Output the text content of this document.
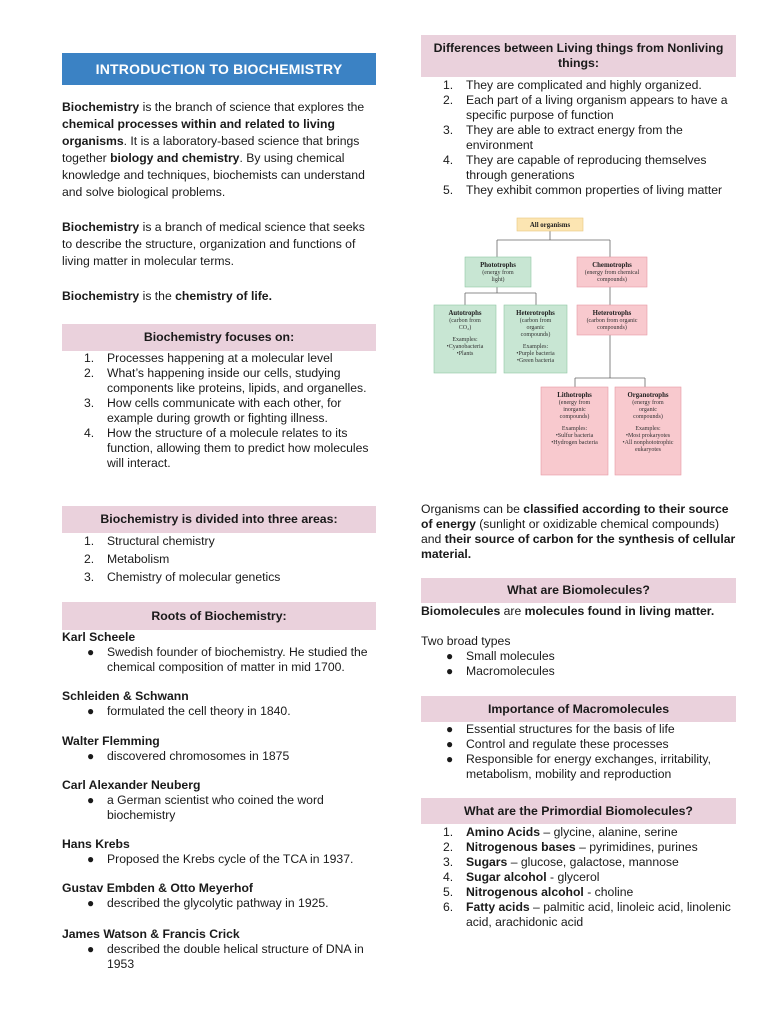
INTRODUCTION TO BIOCHEMISTRY

Biochemistry is the branch of science that explores the chemical processes within and related to living organisms. It is a laboratory-based science that brings together biology and chemistry. By using chemical knowledge and techniques, biochemists can understand and solve biological problems.

Biochemistry is a branch of medical science that seeks to describe the structure, organization and functions of living matter in molecular terms.

Biochemistry is the chemistry of life.

Biochemistry focuses on:
1. Processes happening at a molecular level
2. What’s happening inside our cells, studying components like proteins, lipids, and organelles.
3. How cells communicate with each other, for example during growth or fighting illness.
4. How the structure of a molecule relates to its function, allowing them to predict how molecules will interact.
Biochemistry is divided into three areas:
1. Structural chemistry
2. Metabolism
3. Chemistry of molecular genetics
Roots of Biochemistry:
Karl Scheele
● Swedish founder of biochemistry. He studied the chemical composition of matter in mid 1700.
Schleiden & Schwann
● formulated the cell theory in 1840.
Walter Flemming
● discovered chromosomes in 1875
Carl Alexander Neuberg
● a German scientist who coined the word biochemistry
Hans Krebs
● Proposed the Krebs cycle of the TCA in 1937.
Gustav Embden & Otto Meyerhof
● described the glycolytic pathway in 1925.
James Watson & Francis Crick
● described the double helical structure of DNA in 1953
Differences between Living things from Nonliving things:
1. They are complicated and highly organized.
2. Each part of a living organism appears to have a specific purpose of function
3. They are able to extract energy from the environment
4. They are capable of reproducing themselves through generations
5. They exhibit common properties of living matter
All organisms
Phototrophs
(energy from
light)
Chemotrophs
(energy from chemical
compounds)
Autotrophs
(carbon from
CO₂)
Examples:
•Cyanobacteria
•Plants
Heterotrophs
(carbon from
organic
compounds)
Examples:
•Purple bacteria
•Green bacteria
Heterotrophs
(carbon from organic
compounds)
Lithotrophs
(energy from
inorganic
compounds)
Examples:
•Sulfur bacteria
•Hydrogen bacteria
Organotrophs
(energy from
organic
compounds)
Examples:
•Most prokaryotes
•All nonphototrophic
eukaryotes

Organisms can be classified according to their source of energy (sunlight or oxidizable chemical compounds) and their source of carbon for the synthesis of cellular material.

What are Biomolecules?

Biomolecules are molecules found in living matter.

Two broad types

● Small molecules
● Macromolecules
Importance of Macromolecules
● Essential structures for the basis of life
● Control and regulate these processes
● Responsible for energy exchanges, irritability, metabolism, mobility and reproduction
What are the Primordial Biomolecules?
1. Amino Acids – glycine, alanine, serine
2. Nitrogenous bases – pyrimidines, purines
3. Sugars – glucose, galactose, mannose
4. Sugar alcohol - glycerol
5. Nitrogenous alcohol - choline
6. Fatty acids – palmitic acid, linoleic acid, linolenic acid, arachidonic acid
